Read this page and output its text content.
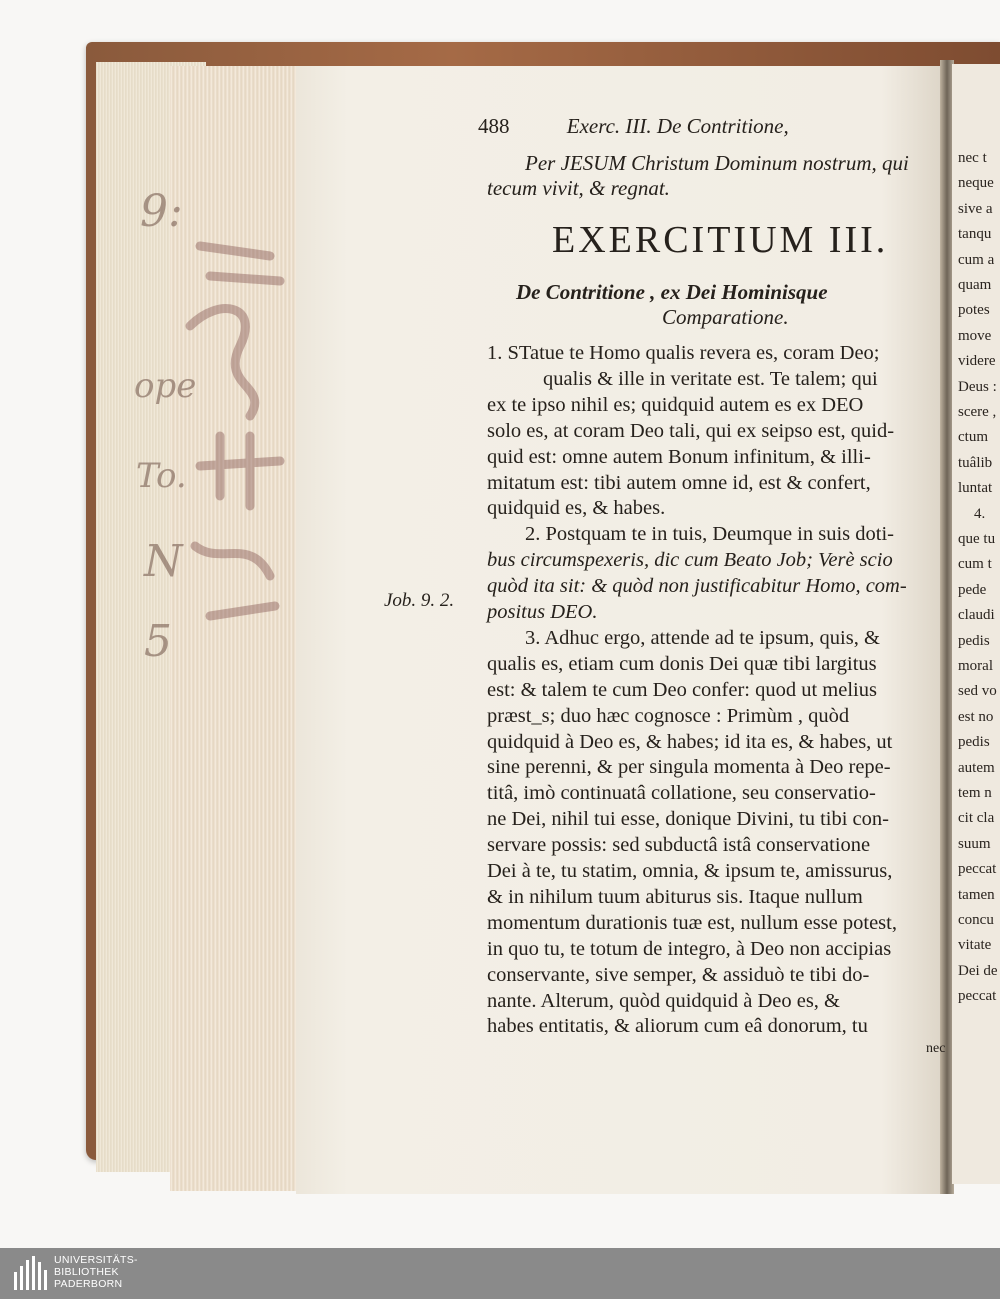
9:
ope
To.
N
5
nec t
neque
sive a
tanqu
cum a
quam
potes
move
videre
Deus :
scere ,
ctum
tuâlib
luntat
4.
que tu
cum t
pede
claudi
pedis
moral
sed vo
est no
pedis
autem
tem n
cit cla
suum
peccat
tamen
concu
vitate
Dei de
peccat
488	Exerc. III. De Contritione,
Per JESUM Christum Dominum nostrum, qui
tecum vivit, & regnat.
EXERCITIUM III.
De Contritione , ex Dei Hominisque
Comparatione.
Job. 9. 2.
1. STatue te Homo qualis revera es, coram Deo;
qualis & ille in veritate est. Te talem; qui
ex te ipso nihil es; quidquid autem es ex DEO
solo es, at coram Deo tali, qui ex seipso est, quid-
quid est: omne autem Bonum infinitum, & illi-
mitatum est: tibi autem omne id, est & confert,
quidquid es, & habes.
2. Postquam te in tuis, Deumque in suis doti-
bus circumspexeris, dic cum Beato Job; Verè scio
quòd ita sit: & quòd non justificabitur Homo, com-
positus DEO.
3. Adhuc ergo, attende ad te ipsum, quis, &
qualis es, etiam cum donis Dei quæ tibi largitus
est: & talem te cum Deo confer: quod ut melius
præst_s; duo hæc cognosce : Primùm , quòd
quidquid à Deo es, & habes; id ita es, & habes, ut
sine perenni, & per singula momenta à Deo repe-
titâ, imò continuatâ collatione, seu conservatio-
ne Dei, nihil tui esse, donique Divini, tu tibi con-
servare possis: sed subductâ istâ conservatione
Dei à te, tu statim, omnia, & ipsum te, amissurus,
& in nihilum tuum abiturus sis. Itaque nullum
momentum durationis tuæ est, nullum esse potest,
in quo tu, te totum de integro, à Deo non accipias
conservante, sive semper, & assiduò te tibi do-
nante. Alterum, quòd quidquid à Deo es, &
habes entitatis, & aliorum cum eâ donorum, tu
nec
UNIVERSITÄTS-
BIBLIOTHEK
PADERBORN
